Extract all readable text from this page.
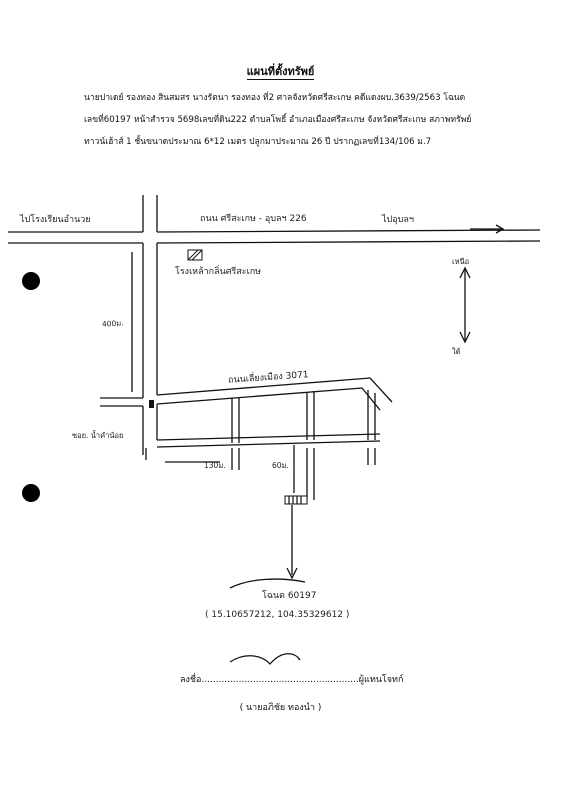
แผนที่ตั้งทรัพย์
นายปาเดย์ รองทอง สินสมสร นางรัตนา รองทอง ที่2 ศาลจังหวัดศรีสะเกษ คดีแดงผบ.3639/2563 โฉนด
เลขที่60197 หน้าสำรวจ 5698เลขที่ดิน222 ตำบลโพธิ์ อำเภอเมืองศรีสะเกษ จังหวัดศรีสะเกษ สภาพทรัพย์
ทาวน์เฮ้าส์ 1 ชั้นขนาดประมาณ 6*12 เมตร ปลูกมาประมาณ 26 ปี ปรากฏเลขที่134/106 ม.7
ไปโรงเรียนอำนวย	ถนน ศรีสะเกษ - อุบลฯ 226	ไปอุบลฯ
โรงเหล้ากลิ่นศรีสะเกษ
400ม.
ถนนเลี่ยงเมือง 3071
ซอย. น้ำคำน้อย
130ม.	60ม.
โฉนด 60197
( 15.10657212, 104.35329612 )
เหนือ
ใต้
ลงชื่อ.......................................................ผู้แทนโจทก์
( นายอภิชัย ทองนำ )
